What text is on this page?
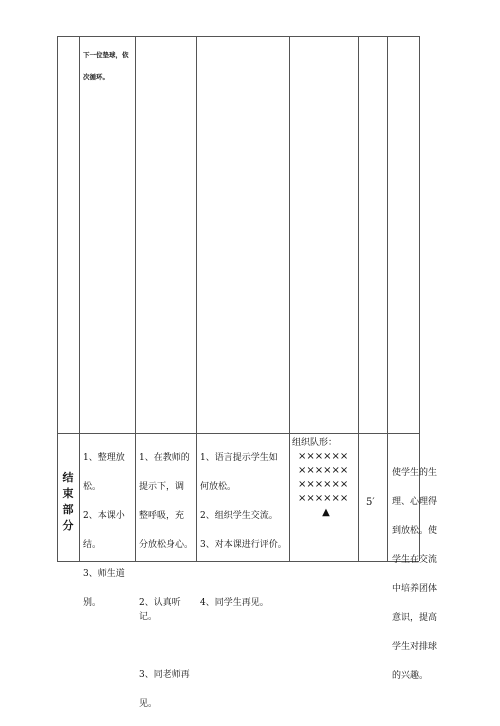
下一位垫球，依

次循环。

结
束
部
分

1、整理放

松。

2、本课小

结。

3、师生道

别。

1、在教师的

提示下，调

整呼吸，充

分放松身心。

2、认真听记。

3、同老师再

见。

1、语言提示学生如

何放松。

2、组织学生交流。

3、对本课进行评价。

4、同学生再见。

组织队形：
××××××
××××××
××××××
××××××
▲
5′

使学生的生

理、心理得

到放松。使

学生在交流

中培养团体

意识，提高

学生对排球

的兴趣。
